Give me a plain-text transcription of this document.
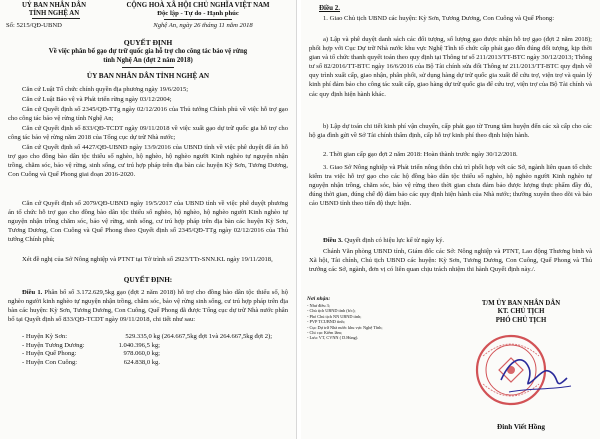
UỶ BAN NHÂN DÂN
TỈNH NGHỆ AN
Số: 5215/QĐ-UBND
CỘNG HOÀ XÃ HỘI CHỦ NGHĨA VIỆT NAM
Độc lập - Tự do - Hạnh phúc
Nghệ An, ngày 26 tháng 11 năm 2018
QUYẾT ĐỊNH
Về việc phân bổ gạo dự trữ quốc gia hỗ trợ cho công tác bảo vệ rừng
tỉnh Nghệ An (đợt 2 năm 2018)
ỦY BAN NHÂN DÂN TỈNH NGHỆ AN
Căn cứ Luật Tổ chức chính quyền địa phương ngày 19/6/2015;
Căn cứ Luật Bảo vệ và Phát triển rừng ngày 03/12/2004;
Căn cứ Quyết định số 2345/QĐ-TTg ngày 02/12/2016 của Thủ tướng Chính phủ về việc hỗ trợ gạo cho công tác bảo vệ rừng tỉnh Nghệ An;
Căn cứ Quyết định số 833/QĐ-TCDT ngày 09/11/2018 về việc xuất gạo dự trữ quốc gia hỗ trợ cho công tác bảo vệ rừng năm 2018 của Tổng cục dự trữ Nhà nước;
Căn cứ Quyết định số 4427/QĐ-UBND ngày 13/9/2016 của UBND tỉnh về việc phê duyệt đề án hỗ trợ gạo cho đồng bào dân tộc thiểu số nghèo, hộ nghèo, hộ nghèo người Kinh nghèo tự nguyện nhận trồng, chăm sóc, bảo vệ rừng, sinh sống, cư trú hợp pháp trên địa bàn các huyện Kỳ Sơn, Tương Dương, Con Cuông và Quế Phong giai đoạn 2016-2020.
Căn cứ Quyết định số 2079/QĐ-UBND ngày 19/5/2017 của UBND tỉnh về việc phê duyệt phương án tổ chức hỗ trợ gạo cho đồng bào dân tộc thiểu số nghèo, hộ nghèo, hộ nghèo người Kinh nghèo tự nguyện nhận trồng chăm sóc, bảo vệ rừng, sinh sống, cư trú hợp pháp trên địa bàn các huyện Kỳ Sơn, Tương Dương, Con Cuông và Quế Phong theo Quyết định số 2345/QĐ-TTg ngày 02/12/2016 của Thủ tướng Chính phủ;
Xét đề nghị của Sở Nông nghiệp và PTNT tại Tờ trình số 2923/TTr-SNN.KL ngày 19/11/2018,
QUYẾT ĐỊNH:
Điều 1. Phân bổ số 3.172.629,5kg gạo (đợt 2 năm 2018) hỗ trợ cho đồng bào dân tộc thiểu số, hộ nghèo người kinh nghèo tự nguyện nhận trồng, chăm sóc, bảo vệ rừng sinh sống, cư trú hợp pháp trên địa bàn các huyện: Kỳ Sơn, Tương Dương, Con Cuông, Quế Phong đã được Tổng cục dự trữ Nhà nước phân bổ tại Quyết định số 833/QĐ-TCDT ngày 09/11/2018, chi tiết như sau:
- Huyện Kỳ Sơn:	529.335,0 kg (264.667,5kg đợt 1và 264.667,5kg đợt 2);
- Huyện Tương Dương:	1.040.396,5 kg;
- Huyện Quế Phong:	978.060,0 kg;
- Huyện Con Cuông:	624.838,0 kg.
Điều 2.
1. Giao Chủ tịch UBND các huyện: Kỳ Sơn, Tương Dương, Con Cuông và Quế Phong:
a) Lập và phê duyệt danh sách các đối tượng, số lượng gạo được nhận hỗ trợ gạo (đợt 2 năm 2018); phối hợp với Cục Dự trữ Nhà nước khu vực Nghệ Tĩnh tổ chức cấp phát gạo đến đúng đối tượng, kịp thời gian và tổ chức thanh quyết toán theo quy định tại Thông tư số 211/2013/TT-BTC ngày 30/12/2013; Thông tư số 82/2016/TT-BTC ngày 16/6/2016 của Bộ Tài chính sửa đổi Thông tư 211/2013/TT-BTC quy định về quy trình xuất cấp, giao nhận, phân phối, sử dụng hàng dự trữ quốc gia xuất để cứu trợ, viện trợ và quản lý kinh phí đảm bảo cho công tác xuất cấp, giao hàng dự trữ quốc gia để cứu trợ, viện trợ của Bộ Tài chính và các quy định hiện hành khác.
b) Lập dự toán chi tiết kinh phí vận chuyển, cấp phát gạo từ Trung tâm huyện đến các xã cấp cho các hộ gia đình gửi về Sở Tài chính thẩm định, cấp hỗ trợ kinh phí theo định hiện hành.
2. Thời gian cấp gạo đợt 2 năm 2018: Hoàn thành trước ngày 30/12/2018.
3. Giao Sở Nông nghiệp và Phát triển nông thôn chủ trì phối hợp với các Sở, ngành liên quan tổ chức kiểm tra việc hỗ trợ gạo cho các hộ đồng bào dân tộc thiểu số nghèo, hộ nghèo người Kinh nghèo tự nguyện nhận trồng, chăm sóc, bảo vệ rừng theo thời gian chưa đảm bảo được lượng thực phẩm đầy đủ, đúng thời gian, đúng chế độ đảm bảo các quy định hiện hành của Nhà nước; thường xuyên theo dõi và báo cáo UBND tỉnh theo tiến độ thực hiện.
Điều 3. Quyết định có hiệu lực kể từ ngày ký.
Chánh Văn phòng UBND tỉnh, Giám đốc các Sở: Nông nghiệp và PTNT, Lao động Thương binh và Xã hội, Tài chính, Chủ tịch UBND các huyện: Kỳ Sơn, Tương Dương, Con Cuông, Quế Phong và Thủ trưởng các Sở, ngành, đơn vị có liên quan chịu trách nhiệm thi hành Quyết định này./.
Nơi nhận:
- Như điều 3;
- Chủ tịch UBND tỉnh (b/c);
- Phó Chủ tịch NN UBND tỉnh;
- PVP TCUBND tỉnh;
- Cục Dự trữ Nhà nước khu vực Nghệ Tĩnh;
- Chi cục Kiểm lâm;
- Lưu: VT, CVNN ( D.Hùng).
T/M ỦY BAN NHÂN DÂN
KT. CHỦ TỊCH
PHÓ CHỦ TỊCH
Đinh Viết Hồng
